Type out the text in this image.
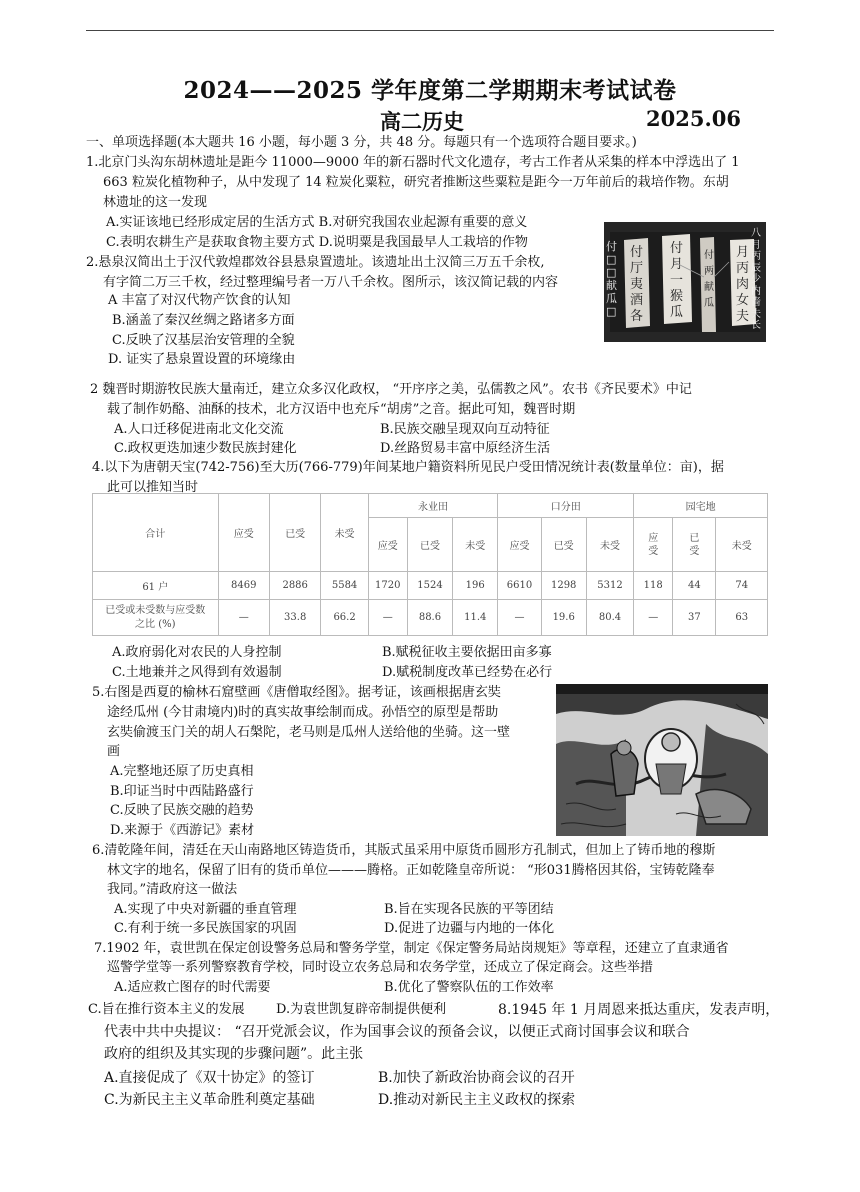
2024——2025 学年度第二学期期末考试试卷
高二历史	2025.06
一、单项选择题(本大题共 16 小题，每小题 3 分，共 48 分。每题只有一个选项符合题目要求。)
1.北京门头沟东胡林遗址是距今 11000—9000 年的新石器时代文化遗存，考古工作者从采集的样本中浮选出了 1
663 粒炭化植物种子，从中发现了 14 粒炭化粟粒，研究者推断这些粟粒是距今一万年前后的栽培作物。东胡
林遗址的这一发现
A.实证该地已经形成定居的生活方式 B.对研究我国农业起源有重要的意义
C.表明农耕生产是获取食物主要方式 D.说明粟是我国最早人工栽培的作物
2.悬泉汉简出土于汉代敦煌郡效谷县悬泉置遗址。该遗址出土汉简三万五千余枚,
有字简二万三千枚，经过整理编号者一万八千余枚。图所示，该汉简记载的内容
A 丰富了对汉代物产饮食的认知
B.涵盖了秦汉丝绸之路诸多方面
C.反映了汉基层治安管理的全貌
D. 证实了悬泉置设置的环境缘由
付
厅
夷
酒
各
付
月
一
猴
瓜
付
两
献
瓜
月
丙
肉
女
夫
付□□献瓜□
八月丙辰少内啬夫长
2 魏晋时期游牧民族大量南迁，建立众多汉化政权， “开序序之美，弘儒教之风”。农书《齐民要术》中记
载了制作奶酪、油酥的技术，北方汉语中也充斥“胡虏”之音。据此可知，魏晋时期
A.人口迁移促进南北文化交流	B.民族交融呈现双向互动特征
C.政权更迭加速少数民族封建化	D.丝路贸易丰富中原经济生活
4.以下为唐朝天宝(742-756)至大历(766-779)年间某地户籍资料所见民户受田情况统计表(数量单位：亩)，据
此可以推知当时
合计	应受	已受	未受	永业田			口分田			园宅地		
				应受	已受	未受	应受	已受	未受	应
受	已
受	未受
61 户	8469	2886	5584	1720	1524	196	6610	1298	5312	118	44	74
已受或未受数与应受数
之比 (%)	—	33.8	66.2	—	88.6	11.4	—	19.6	80.4	—	37	63
A.政府弱化对农民的人身控制	B.赋税征收主要依据田亩多寡
C.土地兼并之风得到有效遏制	D.赋税制度改革已经势在必行
5.右图是西夏的榆林石窟壁画《唐僧取经图》。据考证，该画根据唐玄奘
途经瓜州 (今甘肃境内)时的真实故事绘制而成。孙悟空的原型是帮助
玄奘偷渡玉门关的胡人石槃陀，老马则是瓜州人送给他的坐骑。这一壁
画
A.完整地还原了历史真相
B.印证当时中西陆路盛行
C.反映了民族交融的趋势
D.来源于《西游记》素材
6.清乾隆年间，清廷在天山南路地区铸造货币，其版式虽采用中原货币圆形方孔制式，但加上了铸币地的穆斯
林文字的地名，保留了旧有的货币单位———腾格。正如乾隆皇帝所说： “形031腾格因其俗，宝铸乾隆奉
我同。”清政府这一做法
A.实现了中央对新疆的垂直管理	B.旨在实现各民族的平等团结
C.有利于统一多民族国家的巩固	D.促进了边疆与内地的一体化
7.1902 年，袁世凯在保定创设警务总局和警务学堂，制定《保定警务局站岗规矩》等章程，还建立了直隶通省
巡警学堂等一系列警察教育学校，同时设立农务总局和农务学堂，还成立了保定商会。这些举措
A.适应救亡图存的时代需要	B.优化了警察队伍的工作效率
C.旨在推行资本主义的发展 D.为袁世凯复辟帝制提供便利	8.1945 年 1 月周恩来抵达重庆，发表声明，
代表中共中央提议： “召开党派会议，作为国事会议的预备会议，以便正式商讨国事会议和联合
政府的组织及其实现的步骤问题”。此主张
A.直接促成了《双十协定》的签订	B.加快了新政治协商会议的召开
C.为新民主主义革命胜利奠定基础	D.推动对新民主主义政权的探索
